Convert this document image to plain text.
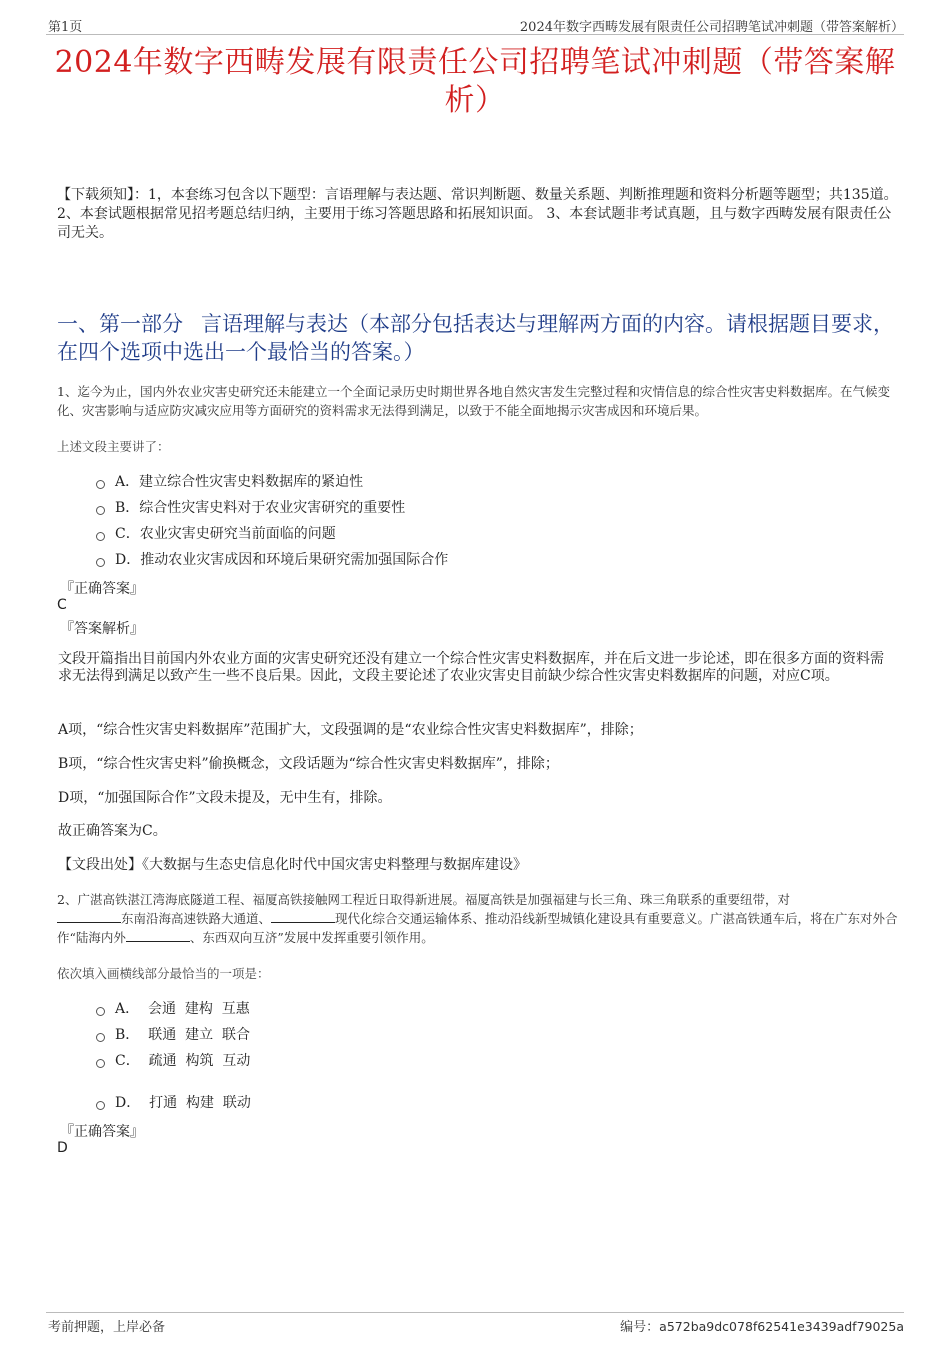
第1页	2024年数字西畴发展有限责任公司招聘笔试冲刺题（带答案解析）
2024年数字西畴发展有限责任公司招聘笔试冲刺题（带答案解析）
【下载须知】：1，本套练习包含以下题型：言语理解与表达题、常识判断题、数量关系题、判断推理题和资料分析题等题型；共135道。 2、本套试题根据常见招考题总结归纳，主要用于练习答题思路和拓展知识面。 3、本套试题非考试真题，且与数字西畴发展有限责任公司无关。
一、第一部分 言语理解与表达（本部分包括表达与理解两方面的内容。请根据题目要求，在四个选项中选出一个最恰当的答案。）
1、迄今为止，国内外农业灾害史研究还未能建立一个全面记录历史时期世界各地自然灾害发生完整过程和灾情信息的综合性灾害史料数据库。在气候变化、灾害影响与适应防灾减灾应用等方面研究的资料需求无法得到满足，以致于不能全面地揭示灾害成因和环境后果。
上述文段主要讲了：
A．建立综合性灾害史料数据库的紧迫性
B．综合性灾害史料对于农业灾害研究的重要性
C．农业灾害史研究当前面临的问题
D．推动农业灾害成因和环境后果研究需加强国际合作
『正确答案』
C
『答案解析』
文段开篇指出目前国内外农业方面的灾害史研究还没有建立一个综合性灾害史料数据库，并在后文进一步论述，即在很多方面的资料需求无法得到满足以致产生一些不良后果。因此，文段主要论述了农业灾害史目前缺少综合性灾害史料数据库的问题，对应C项。
A项，“综合性灾害史料数据库”范围扩大，文段强调的是“农业综合性灾害史料数据库”，排除；
B项，“综合性灾害史料”偷换概念，文段话题为“综合性灾害史料数据库”，排除；
D项，“加强国际合作”文段未提及，无中生有，排除。
故正确答案为C。
【文段出处】《大数据与生态史信息化时代中国灾害史料整理与数据库建设》
2、广湛高铁湛江湾海底隧道工程、福厦高铁接触网工程近日取得新进展。福厦高铁是加强福建与长三角、珠三角联系的重要纽带，对
东南沿海高速铁路大通道、	现代化综合交通运输体系、推动沿线新型城镇化建设具有重要意义。广湛高铁通车后，将在广东对外合作“陆海内外	、东西双向互济”发展中发挥重要引领作用。
依次填入画横线部分最恰当的一项是：
A．  会通  建构  互惠
B．  联通  建立  联合
C．  疏通  构筑  互动
D．  打通  构建  联动
『正确答案』
D
考前押题，上岸必备	编号：a572ba9dc078f62541e3439adf79025a
